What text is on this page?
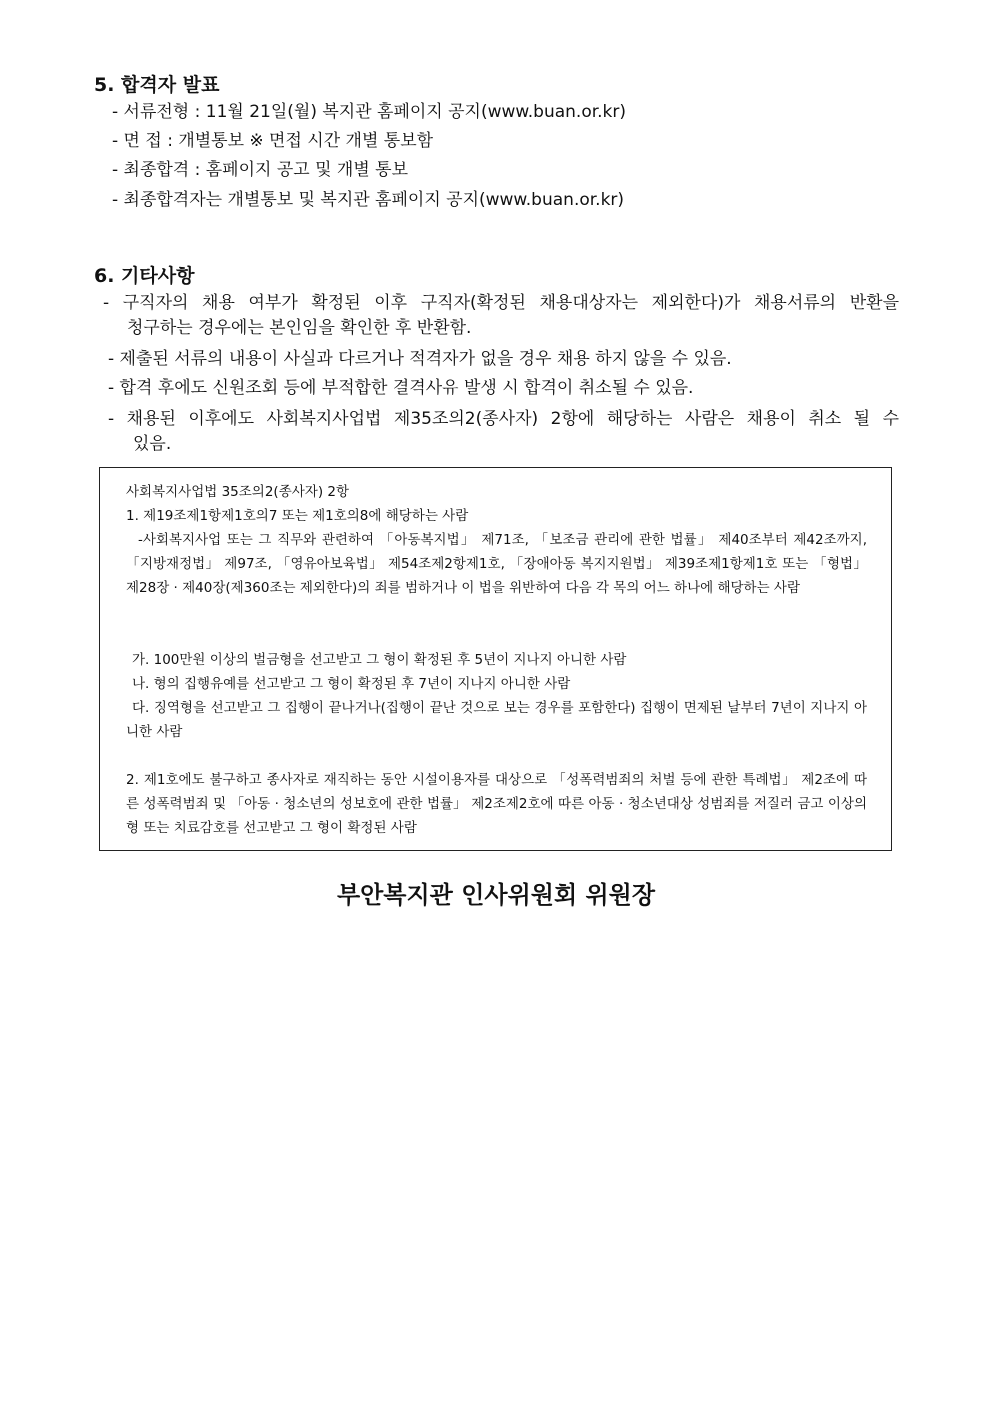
5. 합격자 발표
- 서류전형 : 11월 21일(월) 복지관 홈페이지 공지(www.buan.or.kr)
- 면 접 : 개별통보 ※ 면접 시간 개별 통보함
- 최종합격 : 홈페이지 공고 및 개별 통보
- 최종합격자는 개별통보 및 복지관 홈페이지 공지(www.buan.or.kr)
6. 기타사항
- 구직자의 채용 여부가 확정된 이후 구직자(확정된 채용대상자는 제외한다)가 채용서류의 반환을
청구하는 경우에는 본인임을 확인한 후 반환함.
- 제출된 서류의 내용이 사실과 다르거나 적격자가 없을 경우 채용 하지 않을 수 있음.
- 합격 후에도 신원조회 등에 부적합한 결격사유 발생 시 합격이 취소될 수 있음.
- 채용된 이후에도 사회복지사업법 제35조의2(종사자) 2항에 해당하는 사람은 채용이 취소 될 수
있음.
사회복지사업법 35조의2(종사자) 2항
1. 제19조제1항제1호의7 또는 제1호의8에 해당하는 사람
-사회복지사업 또는 그 직무와 관련하여 「아동복지법」 제71조, 「보조금 관리에 관한 법률」 제40조부터 제42조까지, 「지방재정법」 제97조, 「영유아보육법」 제54조제2항제1호, 「장애아동 복지지원법」 제39조제1항제1호 또는 「형법」 제28장 · 제40장(제360조는 제외한다)의 죄를 범하거나 이 법을 위반하여 다음 각 목의 어느 하나에 해당하는 사람
가. 100만원 이상의 벌금형을 선고받고 그 형이 확정된 후 5년이 지나지 아니한 사람
나. 형의 집행유예를 선고받고 그 형이 확정된 후 7년이 지나지 아니한 사람
다. 징역형을 선고받고 그 집행이 끝나거나(집행이 끝난 것으로 보는 경우를 포함한다) 집행이 면제된 날부터 7년이 지나지 아니한 사람
2. 제1호에도 불구하고 종사자로 재직하는 동안 시설이용자를 대상으로 「성폭력범죄의 처벌 등에 관한 특례법」 제2조에 따른 성폭력범죄 및 「아동 · 청소년의 성보호에 관한 법률」 제2조제2호에 따른 아동 · 청소년대상 성범죄를 저질러 금고 이상의 형 또는 치료감호를 선고받고 그 형이 확정된 사람
부안복지관 인사위원회 위원장
